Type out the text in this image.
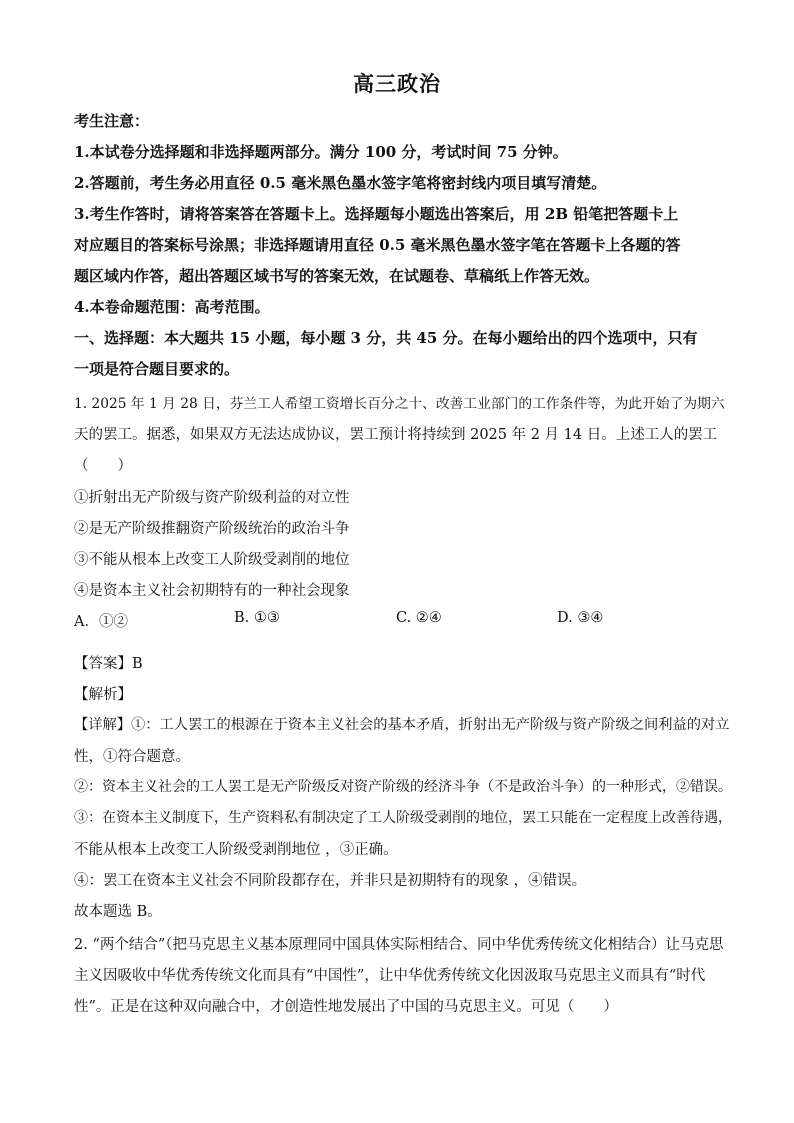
高三政治
考生注意：
1.本试卷分选择题和非选择题两部分。满分 100 分，考试时间 75 分钟。
2.答题前，考生务必用直径 0.5 毫米黑色墨水签字笔将密封线内项目填写清楚。
3.考生作答时，请将答案答在答题卡上。选择题每小题选出答案后，用 2B 铅笔把答题卡上
对应题目的答案标号涂黑；非选择题请用直径 0.5 毫米黑色墨水签字笔在答题卡上各题的答
题区域内作答，超出答题区域书写的答案无效，在试题卷、草稿纸上作答无效。
4.本卷命题范围：高考范围。
一、选择题：本大题共 15 小题，每小题 3 分，共 45 分。在每小题给出的四个选项中，只有
一项是符合题目要求的。
1. 2025 年 1 月 28 日，芬兰工人希望工资增长百分之十、改善工业部门的工作条件等，为此开始了为期六
天的罢工。据悉，如果双方无法达成协议，罢工预计将持续到 2025 年 2 月 14 日。上述工人的罢工
（　　）
①折射出无产阶级与资产阶级利益的对立性
②是无产阶级推翻资产阶级统治的政治斗争
③不能从根本上改变工人阶级受剥削的地位
④是资本主义社会初期特有的一种社会现象
A．①②	B. ①③	C. ②④	D. ③④
【答案】B
【解析】
【详解】①：工人罢工的根源在于资本主义社会的基本矛盾，折射出无产阶级与资产阶级之间利益的对立
性，①符合题意。
②：资本主义社会的工人罢工是无产阶级反对资产阶级的经济斗争（不是政治斗争）的一种形式，②错误。
③：在资本主义制度下，生产资料私有制决定了工人阶级受剥削的地位，罢工只能在一定程度上改善待遇，
不能从根本上改变工人阶级受剥削地位 ，③正确。
④：罢工在资本主义社会不同阶段都存在，并非只是初期特有的现象 ，④错误。
故本题选 B。
2. “两个结合”（把马克思主义基本原理同中国具体实际相结合、同中华优秀传统文化相结合）让马克思
主义因吸收中华优秀传统文化而具有“中国性”，让中华优秀传统文化因汲取马克思主义而具有“时代
性”。正是在这种双向融合中，才创造性地发展出了中国的马克思主义。可见（　　）
